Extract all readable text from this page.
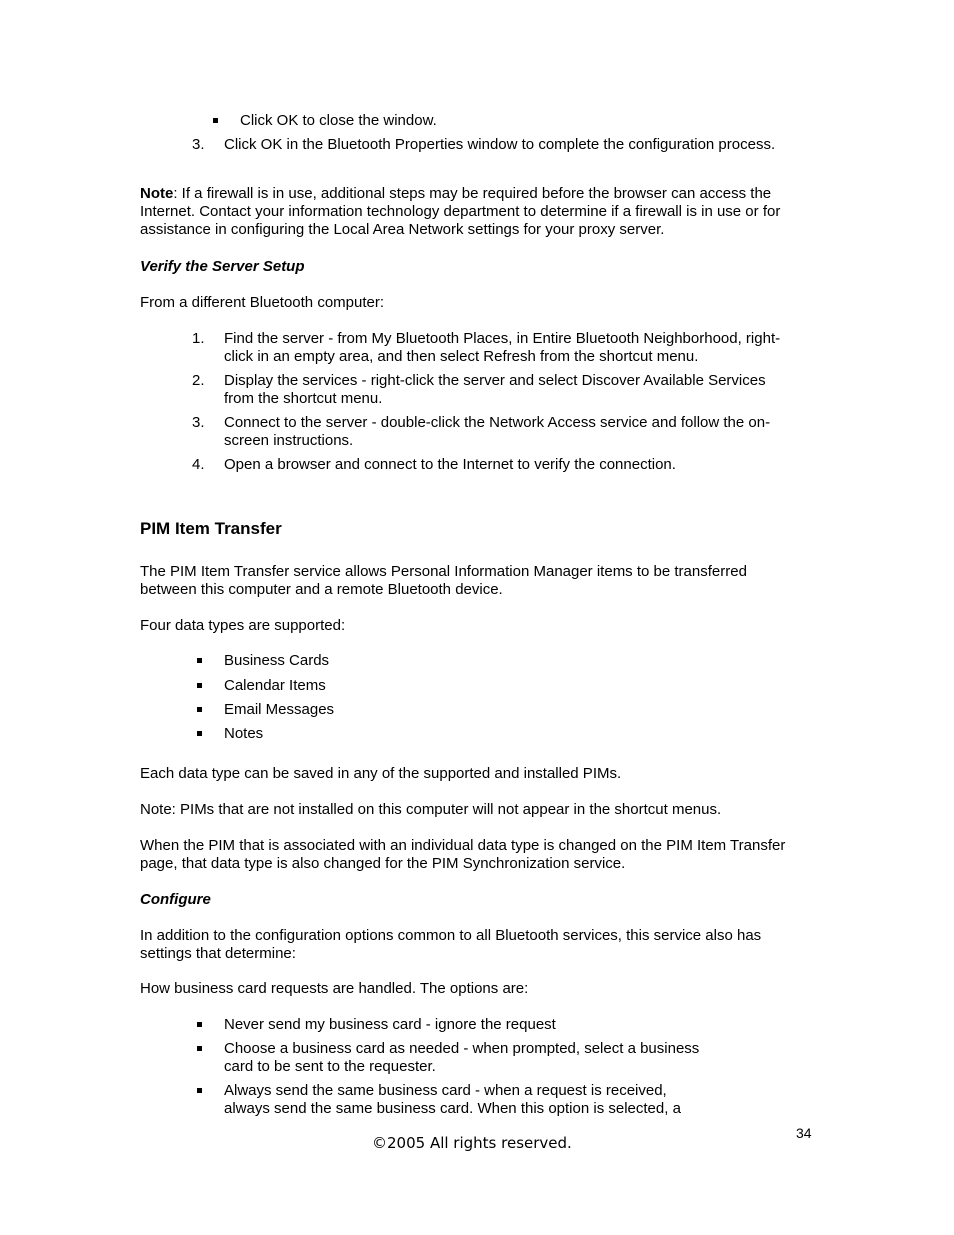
Click OK to close the window.
3.	Click OK in the Bluetooth Properties window to complete the configuration process.
Note: If a firewall is in use, additional steps may be required before the browser can access the Internet. Contact your information technology department to determine if a firewall is in use or for assistance in configuring the Local Area Network settings for your proxy server.
Verify the Server Setup
From a different Bluetooth computer:
1.	Find the server - from My Bluetooth Places, in Entire Bluetooth Neighborhood, right-
click in an empty area, and then select Refresh from the shortcut menu.
2.	Display the services - right-click the server and select Discover Available Services
from the shortcut menu.
3.	Connect to the server - double-click the Network Access service and follow the on-
screen instructions.
4.	Open a browser and connect to the Internet to verify the connection.
PIM Item Transfer
The PIM Item Transfer service allows Personal Information Manager items to be transferred between this computer and a remote Bluetooth device.
Four data types are supported:
Business Cards
Calendar Items
Email Messages
Notes
Each data type can be saved in any of the supported and installed PIMs.
Note: PIMs that are not installed on this computer will not appear in the shortcut menus.
When the PIM that is associated with an individual data type is changed on the PIM Item Transfer page, that data type is also changed for the PIM Synchronization service.
Configure
In addition to the configuration options common to all Bluetooth services, this service also has settings that determine:
How business card requests are handled. The options are:
Never send my business card - ignore the request
Choose a business card as needed - when prompted, select a business
card to be sent to the requester.
Always send the same business card - when a request is received,
always send the same business card. When this option is selected, a
34
©2005 All rights reserved.
